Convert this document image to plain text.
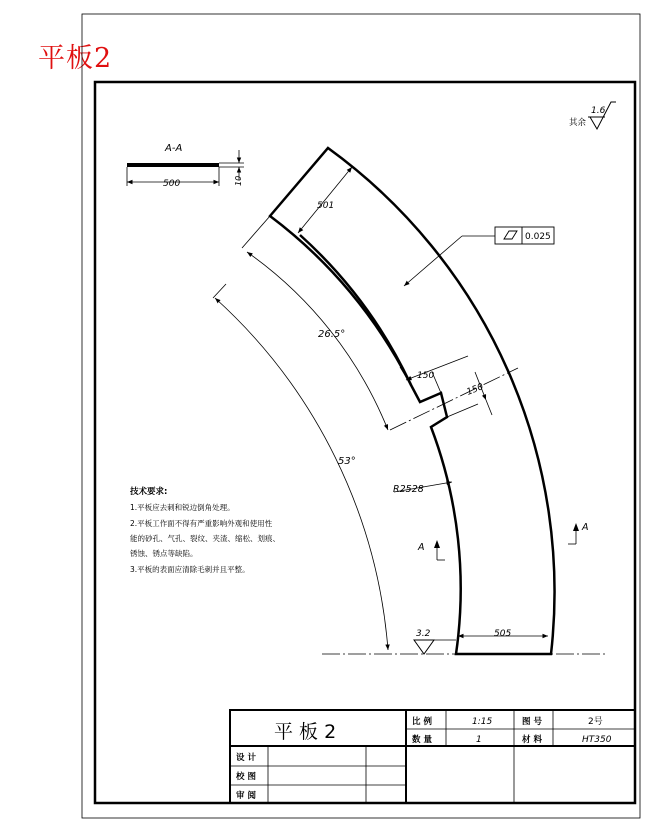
平板2
其余
1.6
A-A
500	10
26.5°
53°
501
0.025
150
150
R2528
505
3.2
A
A
技术要求:
1.平板应去刺和锐边倒角处理。
2.平板工作面不得有严重影响外观和使用性
能的砂孔、气孔、裂纹、夹渣、缩松、划痕、
锈蚀、锈点等缺陷。
3.平板的表面应清除毛刺并且平整。
平 板 2	比 例	1:15	图 号	2号
数 量	1	材 料	HT350
设 计
校 图
审 阅
